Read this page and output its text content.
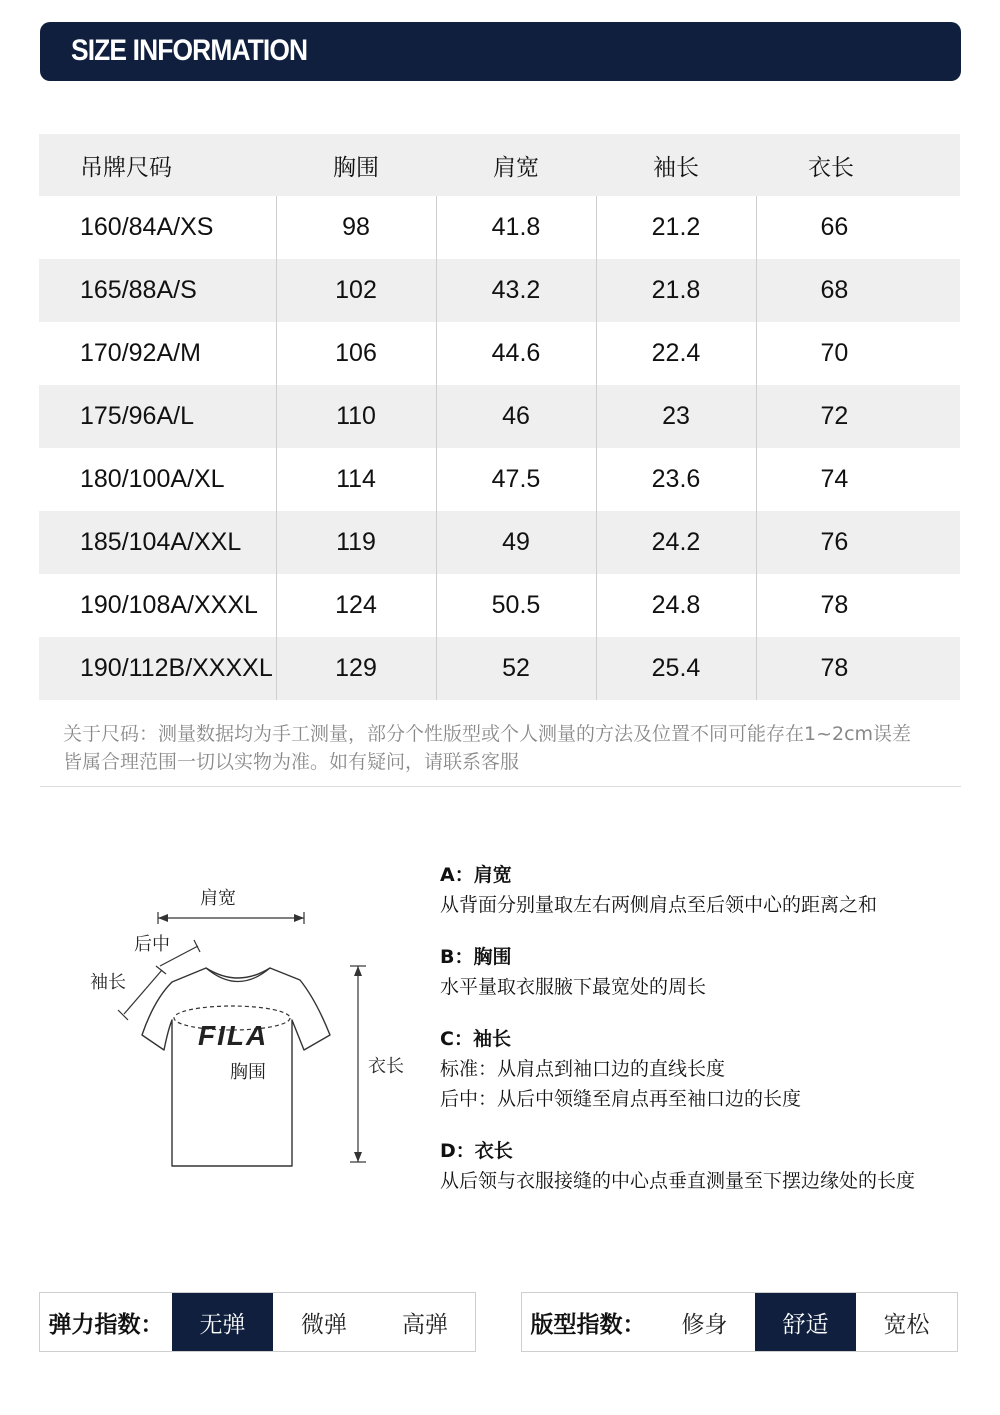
SIZE INFORMATION
吊牌尺码	胸围	肩宽	袖长	衣长
160/84A/XS	98	41.8	21.2	66
165/88A/S	102	43.2	21.8	68
170/92A/M	106	44.6	22.4	70
175/96A/L	110	46	23	72
180/100A/XL	114	47.5	23.6	74
185/104A/XXL	119	49	24.2	76
190/108A/XXXL	124	50.5	24.8	78
190/112B/XXXXL	129	52	25.4	78
关于尺码：测量数据均为手工测量，部分个性版型或个人测量的方法及位置不同可能存在1~2cm误差
皆属合理范围一切以实物为准。如有疑问，请联系客服
肩宽
后中
袖长
FILA
胸围	衣长
A：肩宽
从背面分别量取左右两侧肩点至后领中心的距离之和
B：胸围
水平量取衣服腋下最宽处的周长
C：袖长
标准：从肩点到袖口边的直线长度
后中：从后中领缝至肩点再至袖口边的长度
D：衣长
从后领与衣服接缝的中心点垂直测量至下摆边缘处的长度
弹力指数：	无弹	微弹	高弹	版型指数：	修身	舒适	宽松
